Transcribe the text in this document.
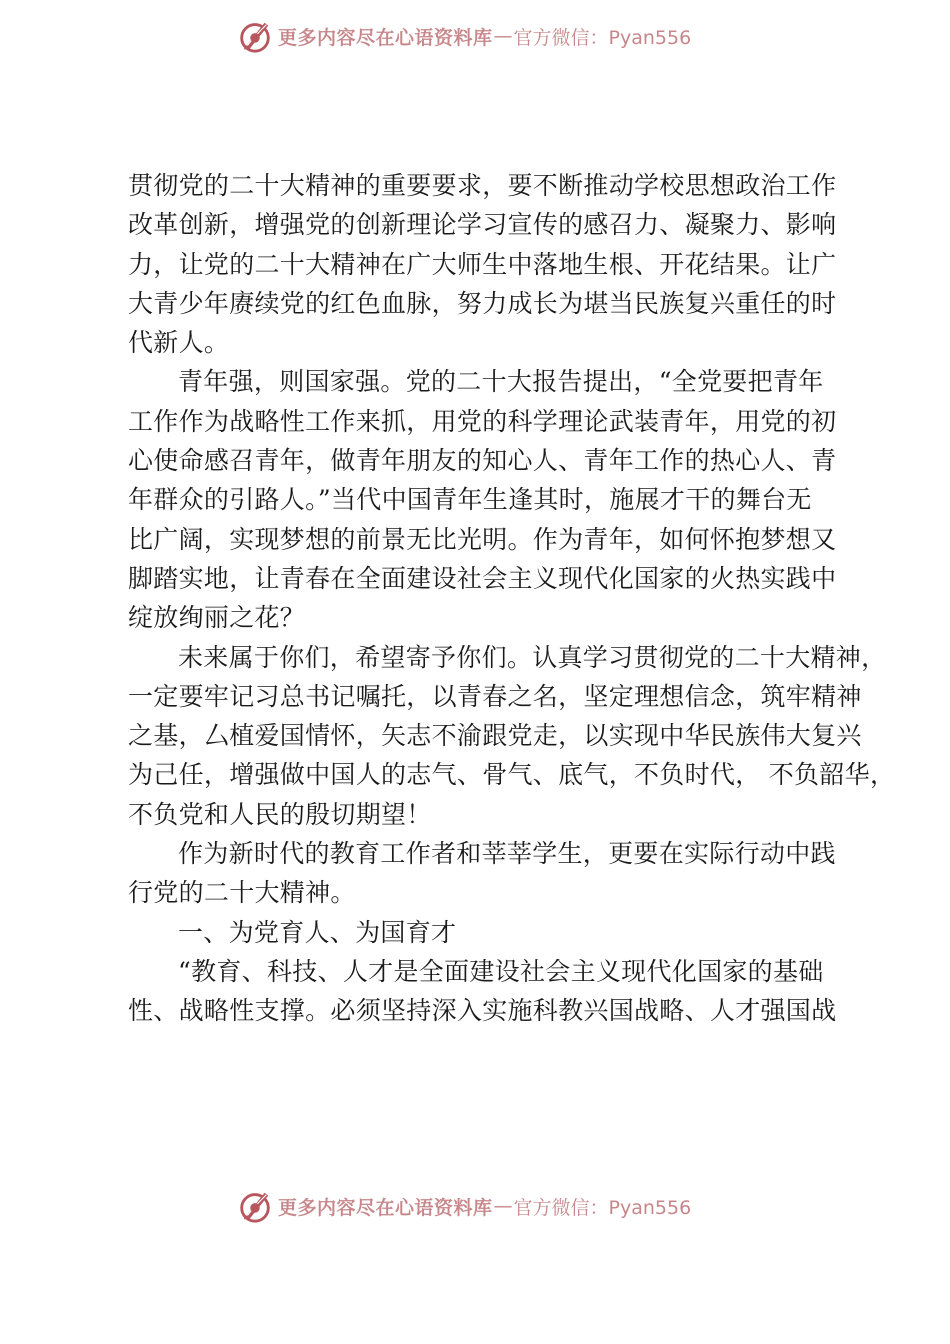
更多内容尽在心语资料库 — 官方微信：Pyan556
贯彻党的二十大精神的重要要求，要不断推动学校思想政治工作
改革创新，增强党的创新理论学习宣传的感召力、凝聚力、影响
力，让党的二十大精神在广大师生中落地生根、开花结果。让广
大青少年赓续党的红色血脉，努力成长为堪当民族复兴重任的时
代新人。
青年强，则国家强。党的二十大报告提出，“全党要把青年
工作作为战略性工作来抓，用党的科学理论武装青年，用党的初
心使命感召青年，做青年朋友的知心人、青年工作的热心人、青
年群众的引路人。”当代中国青年生逢其时，施展才干的舞台无
比广阔，实现梦想的前景无比光明。作为青年，如何怀抱梦想又
脚踏实地，让青春在全面建设社会主义现代化国家的火热实践中
绽放绚丽之花？
未来属于你们，希望寄予你们。认真学习贯彻党的二十大精神，
一定要牢记习总书记嘱托，以青春之名，坚定理想信念，筑牢精神
之基，厶植爱国情怀，矢志不渝跟党走，以实现中华民族伟大复兴
为己任，增强做中国人的志气、骨气、底气，不负时代， 不负韶华，
不负党和人民的殷切期望！
作为新时代的教育工作者和莘莘学生，更要在实际行动中践
行党的二十大精神。
一、为党育人、为国育才
“教育、科技、人才是全面建设社会主义现代化国家的基础
性、战略性支撑。必须坚持深入实施科教兴国战略、人才强国战
更多内容尽在心语资料库 — 官方微信：Pyan556
